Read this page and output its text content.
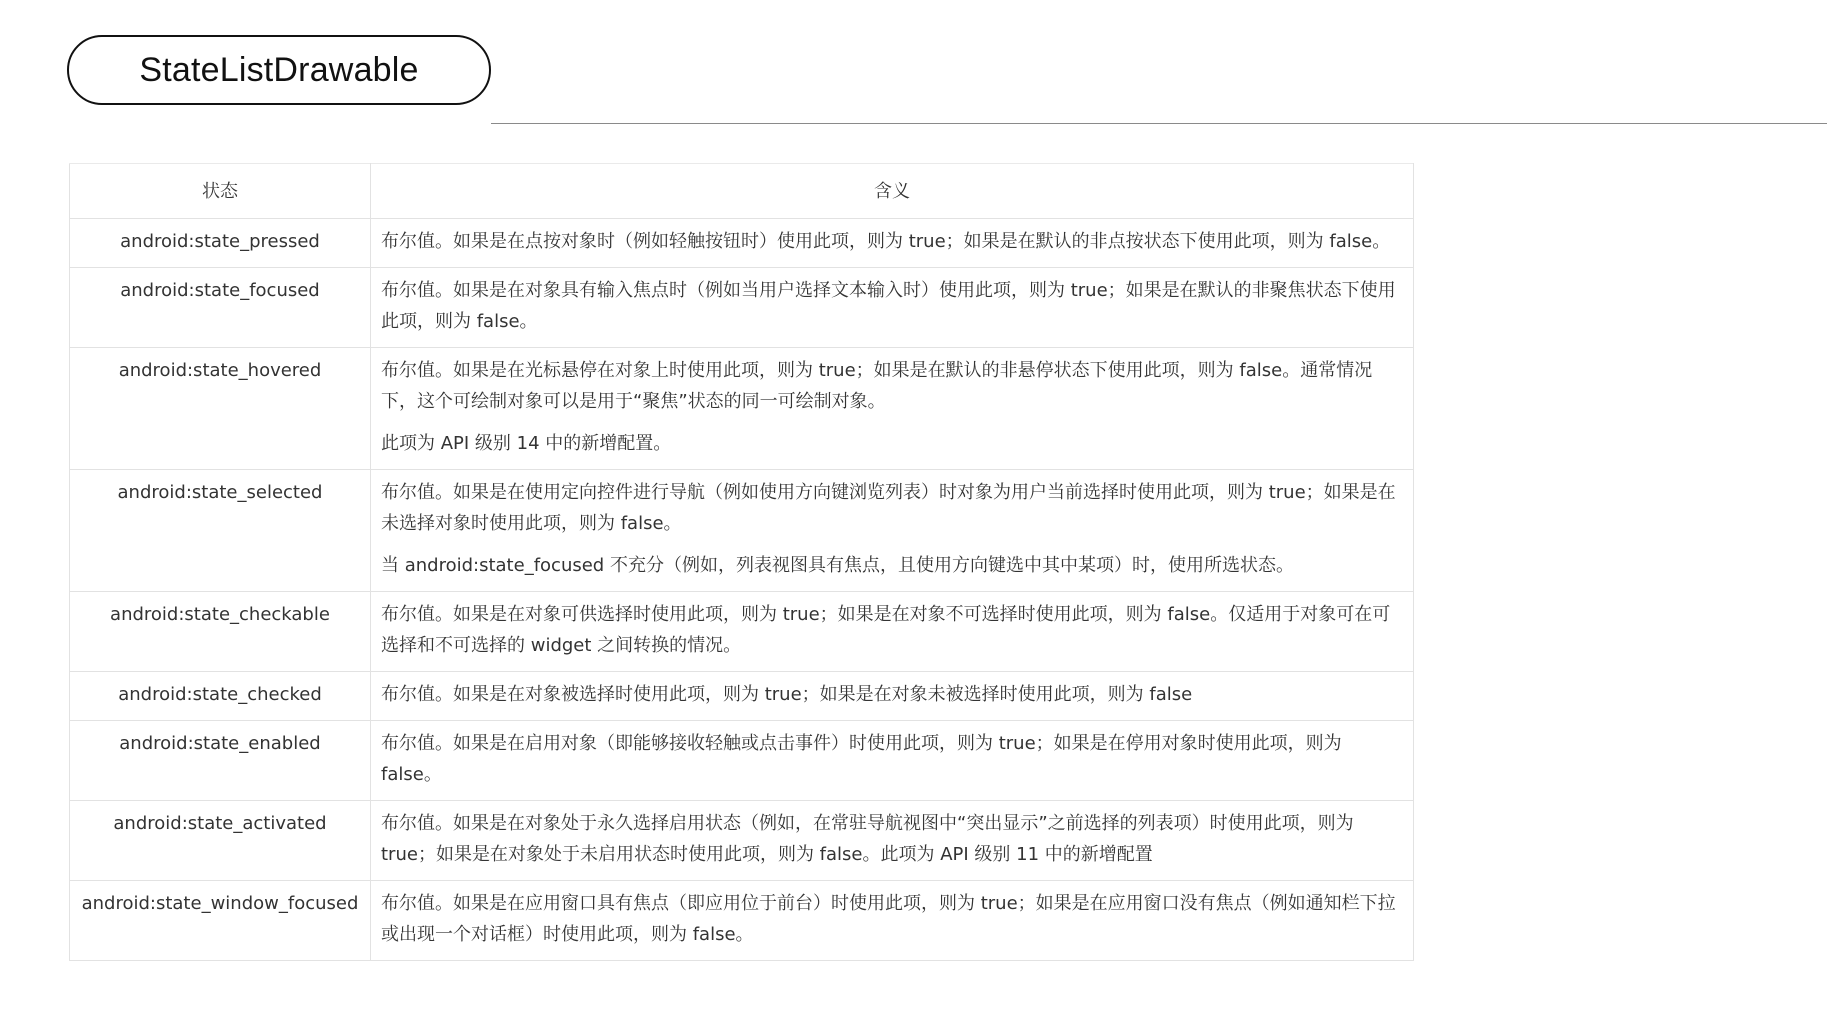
StateListDrawable
状态	含义
android:state_pressed	布尔值。如果是在点按对象时（例如轻触按钮时）使用此项，则为 true；如果是在默认的非点按状态下使用此项，则为 false。

android:state_focused	布尔值。如果是在对象具有输入焦点时（例如当用户选择文本输入时）使用此项，则为 true；如果是在默认的非聚焦状态下使用此项，则为 false。

android:state_hovered	布尔值。如果是在光标悬停在对象上时使用此项，则为 true；如果是在默认的非悬停状态下使用此项，则为 false。通常情况下，这个可绘制对象可以是用于“聚焦”状态的同一可绘制对象。
此项为 API 级别 14 中的新增配置。

android:state_selected	布尔值。如果是在使用定向控件进行导航（例如使用方向键浏览列表）时对象为用户当前选择时使用此项，则为 true；如果是在未选择对象时使用此项，则为 false。
当 android:state_focused 不充分（例如，列表视图具有焦点，且使用方向键选中其中某项）时，使用所选状态。

android:state_checkable	布尔值。如果是在对象可供选择时使用此项，则为 true；如果是在对象不可选择时使用此项，则为 false。仅适用于对象可在可选择和不可选择的 widget 之间转换的情况。

android:state_checked	布尔值。如果是在对象被选择时使用此项，则为 true；如果是在对象未被选择时使用此项，则为 false

android:state_enabled	布尔值。如果是在启用对象（即能够接收轻触或点击事件）时使用此项，则为 true；如果是在停用对象时使用此项，则为 false。

android:state_activated	布尔值。如果是在对象处于永久选择启用状态（例如，在常驻导航视图中“突出显示”之前选择的列表项）时使用此项，则为 true；如果是在对象处于未启用状态时使用此项，则为 false。此项为 API 级别 11 中的新增配置

android:state_window_focused	布尔值。如果是在应用窗口具有焦点（即应用位于前台）时使用此项，则为 true；如果是在应用窗口没有焦点（例如通知栏下拉或出现一个对话框）时使用此项，则为 false。
